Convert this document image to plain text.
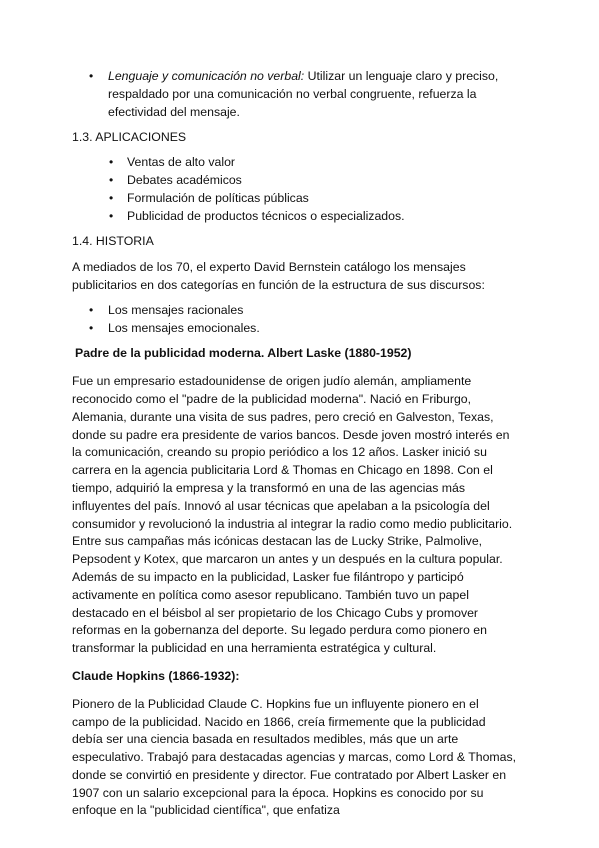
• Lenguaje y comunicación no verbal: Utilizar un lenguaje claro y preciso, respaldado por una comunicación no verbal congruente, refuerza la efectividad del mensaje.

1.3. APLICACIONES

• Ventas de alto valor
• Debates académicos
• Formulación de políticas públicas
• Publicidad de productos técnicos o especializados.

1.4. HISTORIA

A mediados de los 70, el experto David Bernstein catálogo los mensajes publicitarios en dos categorías en función de la estructura de sus discursos:

• Los mensajes racionales
• Los mensajes emocionales.

Padre de la publicidad moderna. Albert Laske (1880-1952)

Fue un empresario estadounidense de origen judío alemán, ampliamente reconocido como el "padre de la publicidad moderna". Nació en Friburgo, Alemania, durante una visita de sus padres, pero creció en Galveston, Texas, donde su padre era presidente de varios bancos. Desde joven mostró interés en la comunicación, creando su propio periódico a los 12 años. Lasker inició su carrera en la agencia publicitaria Lord & Thomas en Chicago en 1898. Con el tiempo, adquirió la empresa y la transformó en una de las agencias más influyentes del país. Innovó al usar técnicas que apelaban a la psicología del consumidor y revolucionó la industria al integrar la radio como medio publicitario. Entre sus campañas más icónicas destacan las de Lucky Strike, Palmolive, Pepsodent y Kotex, que marcaron un antes y un después en la cultura popular. Además de su impacto en la publicidad, Lasker fue filántropo y participó activamente en política como asesor republicano. También tuvo un papel destacado en el béisbol al ser propietario de los Chicago Cubs y promover reformas en la gobernanza del deporte. Su legado perdura como pionero en transformar la publicidad en una herramienta estratégica y cultural.

Claude Hopkins (1866-1932):

Pionero de la Publicidad Claude C. Hopkins fue un influyente pionero en el campo de la publicidad. Nacido en 1866, creía firmemente que la publicidad debía ser una ciencia basada en resultados medibles, más que un arte especulativo. Trabajó para destacadas agencias y marcas, como Lord & Thomas, donde se convirtió en presidente y director. Fue contratado por Albert Lasker en 1907 con un salario excepcional para la época. Hopkins es conocido por su enfoque en la "publicidad científica", que enfatiza
